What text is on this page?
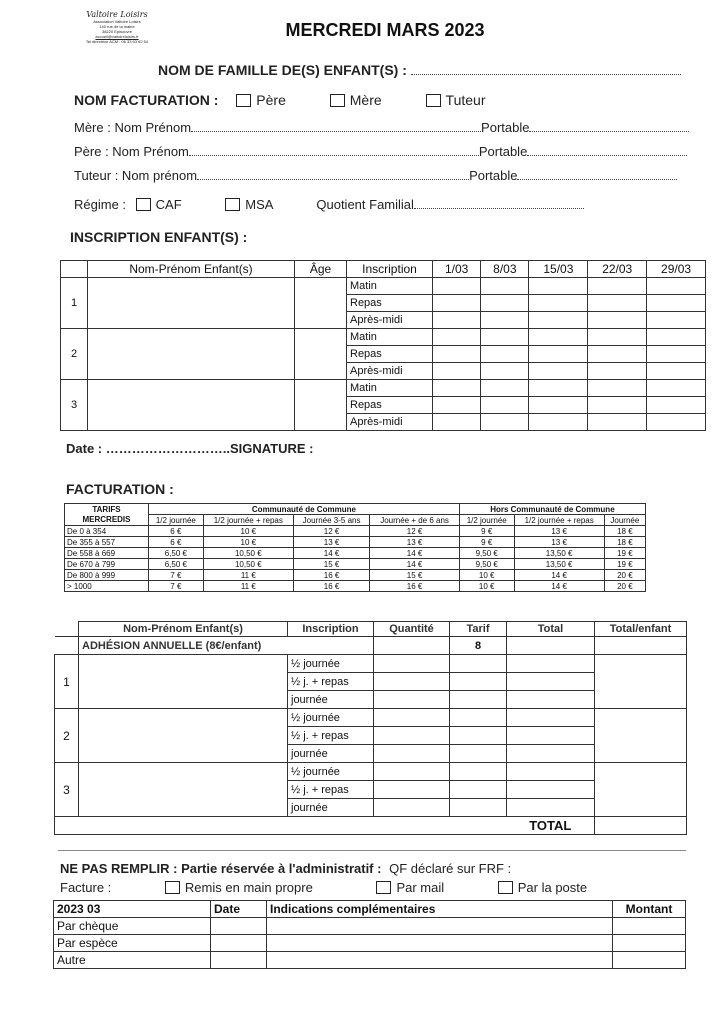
Valtoire Loisirs
Association Valtoire Loisirs
140 rue de la mairie
38220 Episouvre
accueil@valtoireloisirs.fr
Tel directrice ACM : 06 33 63 62 54
MERCREDI MARS 2023
NOM DE FAMILLE DE(S) ENFANT(S) :
NOM FACTURATION :	Père	Mère	Tuteur
Mère : Nom Prénom	Portable
Père : Nom Prénom	Portable
Tuteur : Nom prénom	Portable
Régime : CAF	MSA	Quotient Familial
INSCRIPTION ENFANT(S) :
	Nom-Prénom Enfant(s)	Âge	Inscription	1/03	8/03	15/03	22/03	29/03
1			Matin					
			Repas					
			Après-midi					
2			Matin					
			Repas					
			Après-midi					
3			Matin					
			Repas					
			Après-midi					
Date : ………………………..SIGNATURE :
FACTURATION :
TARIFS
MERCREDIS	Communauté de Commune				Hors Communauté de Commune		
	1/2 journée	1/2 journée + repas	Journée 3-5 ans	Journée + de 6 ans	1/2 journée	1/2 journée + repas	Journée
De 0 à 354	6 €	10 €	12 €	12 €	9 €	13 €	18 €
De 355 à 557	6 €	10 €	13 €	13 €	9 €	13 €	18 €
De 558 à 669	6,50 €	10,50 €	14 €	14 €	9,50 €	13,50 €	19 €
De 670 à 799	6,50 €	10,50 €	15 €	14 €	9,50 €	13,50 €	19 €
De 800 à 999	7 €	11 €	16 €	15 €	10 €	14 €	20 €
> 1000	7 €	11 €	16 €	16 €	10 €	14 €	20 €
	Nom-Prénom Enfant(s)	Inscription	Quantité	Tarif	Total	Total/enfant
	ADHÉSION ANNUELLE (8€/enfant)			8		
1		½ journée				
		½ j. + repas				
		journée				
2		½ journée				
		½ j. + repas				
		journée				
3		½ journée				
		½ j. + repas				
		journée				
					TOTAL	
NE PAS REMPLIR : Partie réservée à l'administratif : QF déclaré sur FRF :
Facture :	Remis en main propre	Par mail	Par la poste
2023 03	Date	Indications complémentaires	Montant
Par chèque			
Par espèce			
Autre			
